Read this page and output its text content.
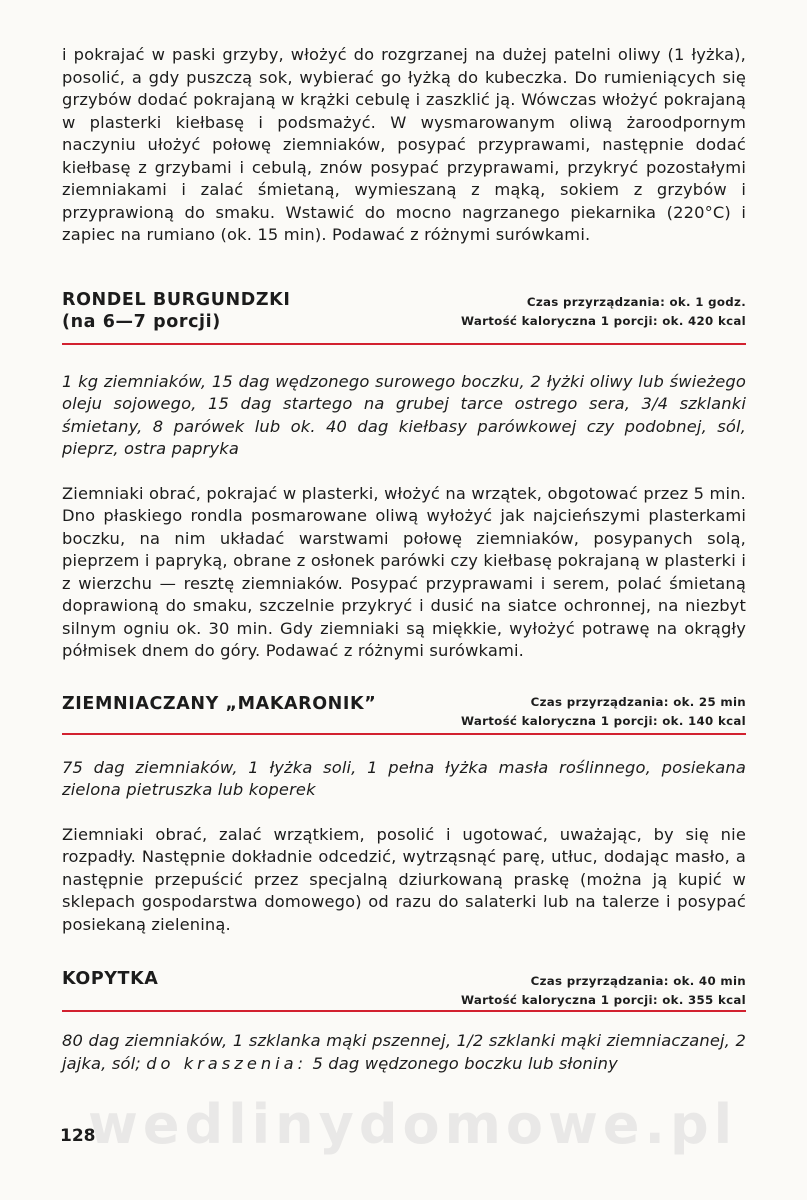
i pokrajać w paski grzyby, włożyć do rozgrzanej na dużej patelni oliwy (1 łyżka), posolić, a gdy puszczą sok, wybierać go łyżką do kubeczka. Do rumieniących się grzybów dodać pokrajaną w krążki cebulę i zaszklić ją. Wówczas włożyć pokrajaną w plasterki kiełbasę i podsmażyć. W wysmarowanym oliwą żaroodpornym naczyniu ułożyć połowę ziemniaków, posypać przyprawami, następnie dodać kiełbasę z grzybami i cebulą, znów posypać przyprawami, przykryć pozostałymi ziemniakami i zalać śmietaną, wymieszaną z mąką, sokiem z grzybów i przyprawioną do smaku. Wstawić do mocno nagrzanego piekarnika (220°C) i zapiec na rumiano (ok. 15 min). Podawać z różnymi surówkami.

RONDEL BURGUNDZKI
(na 6—7 porcji)
Czas przyrządzania: ok. 1 godz.
Wartość kaloryczna 1 porcji: ok. 420 kcal

1 kg ziemniaków, 15 dag wędzonego surowego boczku, 2 łyżki oliwy lub świeżego oleju sojowego, 15 dag startego na grubej tarce ostrego sera, 3/4 szklanki śmietany, 8 parówek lub ok. 40 dag kiełbasy parówkowej czy podobnej, sól, pieprz, ostra papryka

Ziemniaki obrać, pokrajać w plasterki, włożyć na wrzątek, obgotować przez 5 min. Dno płaskiego rondla posmarowane oliwą wyłożyć jak najcieńszymi plasterkami boczku, na nim układać warstwami połowę ziemniaków, posypanych solą, pieprzem i papryką, obrane z osłonek parówki czy kiełbasę pokrajaną w plasterki i z wierzchu — resztę ziemniaków. Posypać przyprawami i serem, polać śmietaną doprawioną do smaku, szczelnie przykryć i dusić na siatce ochronnej, na niezbyt silnym ogniu ok. 30 min. Gdy ziemniaki są miękkie, wyłożyć potrawę na okrągły półmisek dnem do góry. Podawać z różnymi surówkami.

ZIEMNIACZANY „MAKARONIK”	Czas przyrządzania: ok. 25 min
Wartość kaloryczna 1 porcji: ok. 140 kcal

75 dag ziemniaków, 1 łyżka soli, 1 pełna łyżka masła roślinnego, posiekana zielona pietruszka lub koperek

Ziemniaki obrać, zalać wrzątkiem, posolić i ugotować, uważając, by się nie rozpadły. Następnie dokładnie odcedzić, wytrząsnąć parę, utłuc, dodając masło, a następnie przepuścić przez specjalną dziurkowaną praskę (można ją kupić w sklepach gospodarstwa domowego) od razu do salaterki lub na talerze i posypać posiekaną zieleniną.

KOPYTKA	Czas przyrządzania: ok. 40 min
Wartość kaloryczna 1 porcji: ok. 355 kcal

80 dag ziemniaków, 1 szklanka mąki pszennej, 1/2 szklanki mąki ziemniaczanej, 2 jajka, sól; do kraszenia: 5 dag wędzonego boczku lub słoniny

wedlinydomowe.pl
128
